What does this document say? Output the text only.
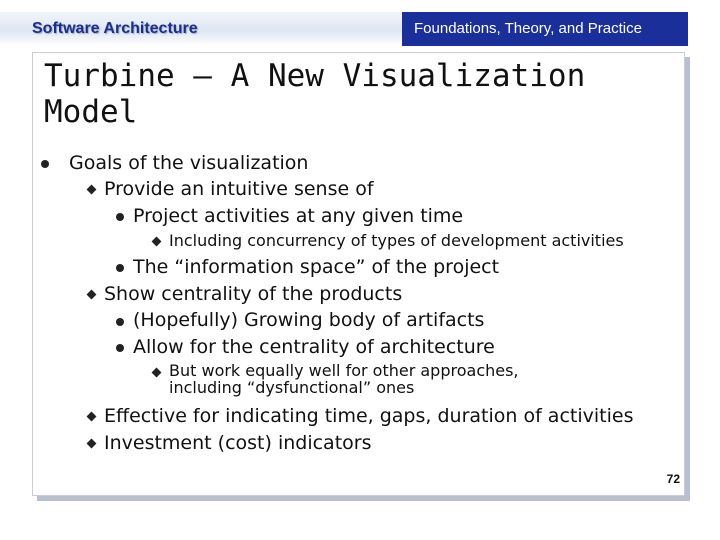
Software Architecture	Foundations, Theory, and Practice
Turbine – A New Visualization
Model
Goals of the visualization
Provide an intuitive sense of
Project activities at any given time
Including concurrency of types of development activities
The “information space” of the project
Show centrality of the products
(Hopefully) Growing body of artifacts
Allow for the centrality of architecture
But work equally well for other approaches,
including “dysfunctional” ones
Effective for indicating time, gaps, duration of activities
Investment (cost) indicators
72
